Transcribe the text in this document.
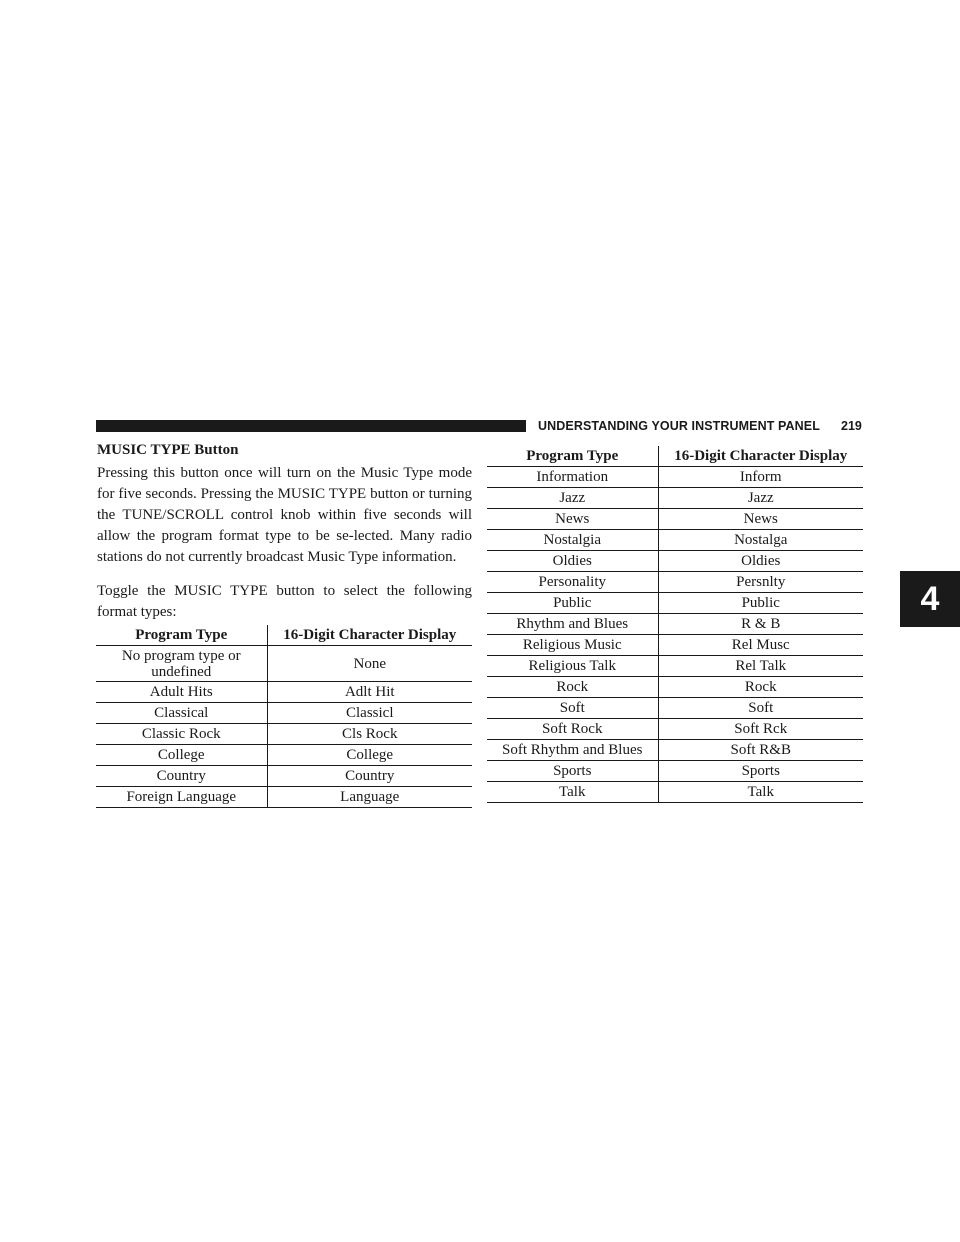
UNDERSTANDING YOUR INSTRUMENT PANEL 219
4
MUSIC TYPE Button

Pressing this button once will turn on the Music Type mode for five seconds. Pressing the MUSIC TYPE button or turning the TUNE/SCROLL control knob within five seconds will allow the program format type to be se-lected. Many radio stations do not currently broadcast Music Type information.

Toggle the MUSIC TYPE button to select the following format types:

Program Type	16-Digit Character Display

No program type or undefined	None
Adult Hits	Adlt Hit
Classical	Classicl
Classic Rock	Cls Rock
College	College
Country	Country
Foreign Language	Language
Program Type	16-Digit Character Display
Information	Inform
Jazz	Jazz
News	News
Nostalgia	Nostalga
Oldies	Oldies
Personality	Persnlty
Public	Public
Rhythm and Blues	R & B
Religious Music	Rel Musc
Religious Talk	Rel Talk
Rock	Rock
Soft	Soft
Soft Rock	Soft Rck
Soft Rhythm and Blues	Soft R&B
Sports	Sports
Talk	Talk
